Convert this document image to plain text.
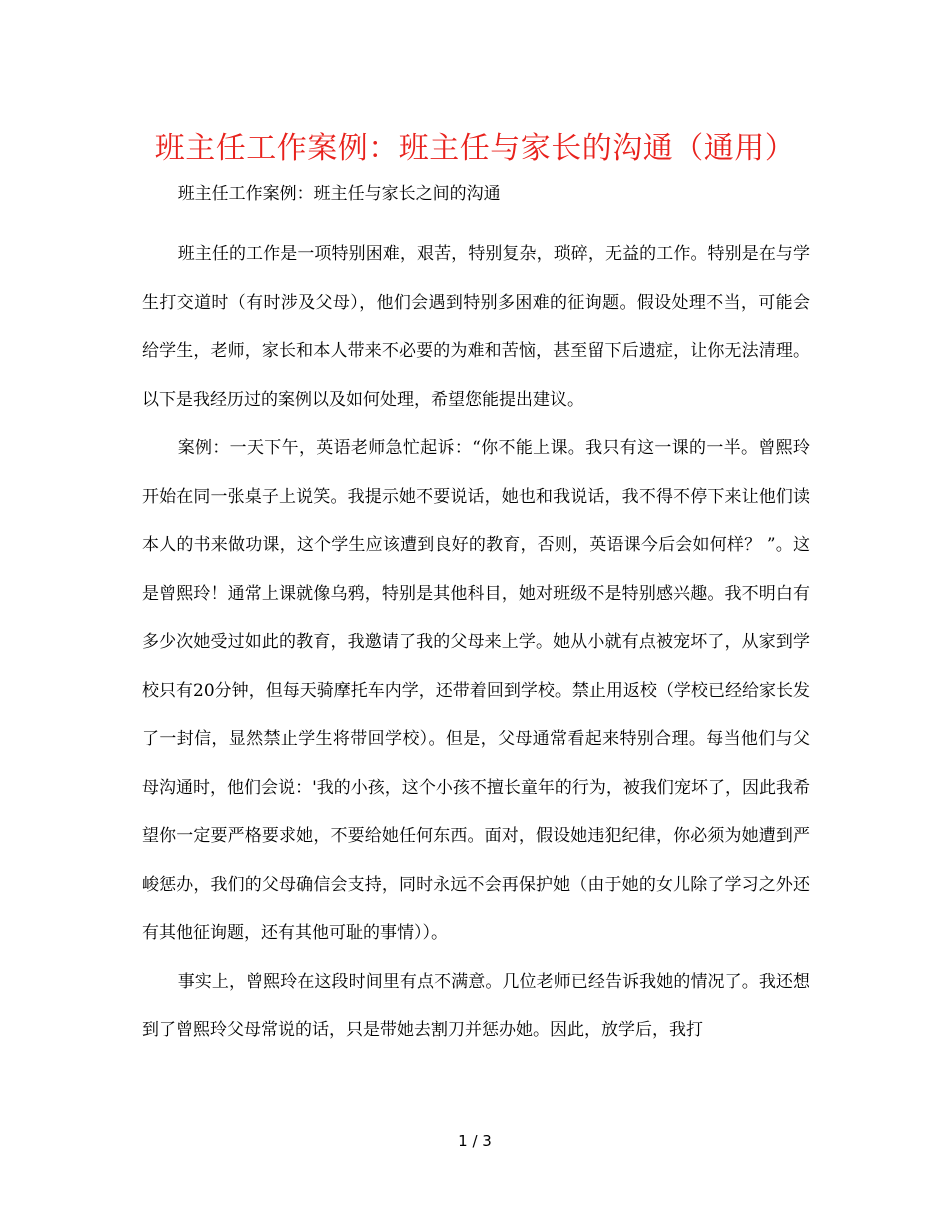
班主任工作案例：班主任与家长的沟通（通用）

班主任工作案例：班主任与家长之间的沟通

班主任的工作是一项特别困难，艰苦，特别复杂，琐碎，无益的工作。特别是在与学生打交道时（有时涉及父母），他们会遇到特别多困难的征询题。假设处理不当，可能会给学生，老师，家长和本人带来不必要的为难和苦恼，甚至留下后遗症，让你无法清理。以下是我经历过的案例以及如何处理，希望您能提出建议。

案例：一天下午，英语老师急忙起诉：“你不能上课。我只有这一课的一半。曾熙玲开始在同一张桌子上说笑。我提示她不要说话，她也和我说话，我不得不停下来让他们读本人的书来做功课，这个学生应该遭到良好的教育，否则，英语课今后会如何样？ ”。这是曾熙玲！通常上课就像乌鸦，特别是其他科目，她对班级不是特别感兴趣。我不明白有多少次她受过如此的教育，我邀请了我的父母来上学。她从小就有点被宠坏了，从家到学校只有20分钟，但每天骑摩托车内学，还带着回到学校。禁止用返校（学校已经给家长发了一封信，显然禁止学生将带回学校）。但是，父母通常看起来特别合理。每当他们与父母沟通时，他们会说：'我的小孩，这个小孩不擅长童年的行为，被我们宠坏了，因此我希望你一定要严格要求她，不要给她任何东西。面对，假设她违犯纪律，你必须为她遭到严峻惩办，我们的父母确信会支持，同时永远不会再保护她（由于她的女儿除了学习之外还有其他征询题，还有其他可耻的事情））。

事实上，曾熙玲在这段时间里有点不满意。几位老师已经告诉我她的情况了。我还想到了曾熙玲父母常说的话，只是带她去割刀并惩办她。因此，放学后，我打

1 / 3
